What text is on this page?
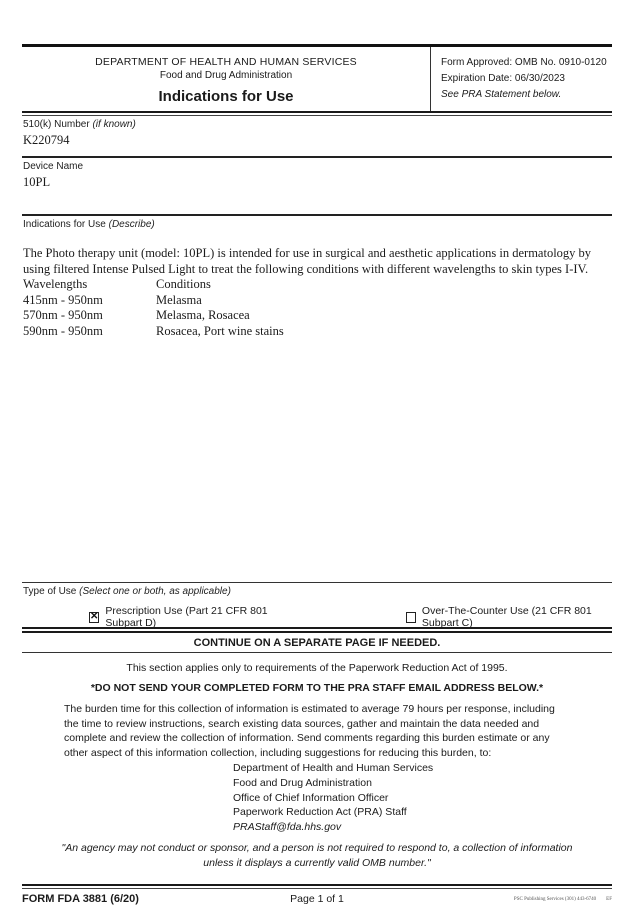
DEPARTMENT OF HEALTH AND HUMAN SERVICES
Food and Drug Administration
Indications for Use
Form Approved: OMB No. 0910-0120
Expiration Date: 06/30/2023
See PRA Statement below.
510(k) Number (if known)
K220794
Device Name
10PL
Indications for Use (Describe)
The Photo therapy unit (model: 10PL) is intended for use in surgical and aesthetic applications in dermatology by using filtered Intense Pulsed Light to treat the following conditions with different wavelengths to skin types I-IV.
Wavelengths	Conditions
415nm - 950nm	Melasma
570nm - 950nm	Melasma, Rosacea
590nm - 950nm	Rosacea, Port wine stains
Type of Use (Select one or both, as applicable)
✕ Prescription Use (Part 21 CFR 801 Subpart D)
Over-The-Counter Use (21 CFR 801 Subpart C)
CONTINUE ON A SEPARATE PAGE IF NEEDED.
This section applies only to requirements of the Paperwork Reduction Act of 1995.
*DO NOT SEND YOUR COMPLETED FORM TO THE PRA STAFF EMAIL ADDRESS BELOW.*
The burden time for this collection of information is estimated to average 79 hours per response, including the time to review instructions, search existing data sources, gather and maintain the data needed and complete and review the collection of information. Send comments regarding this burden estimate or any other aspect of this information collection, including suggestions for reducing this burden, to:
Department of Health and Human Services
Food and Drug Administration
Office of Chief Information Officer
Paperwork Reduction Act (PRA) Staff
PRAStaff@fda.hhs.gov
"An agency may not conduct or sponsor, and a person is not required to respond to, a collection of information unless it displays a currently valid OMB number."
FORM FDA 3881 (6/20)	Page 1 of 1	PSC Publishing Services (301) 443-6740 EF
